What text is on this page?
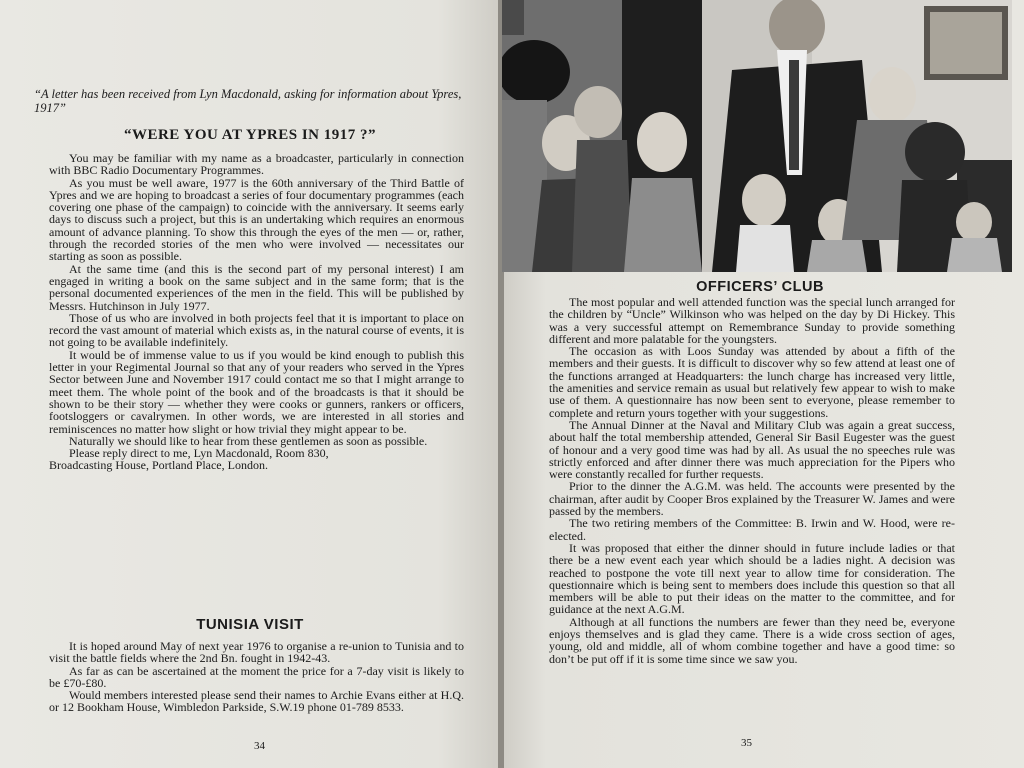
“A letter has been received from Lyn Macdonald, asking for information about Ypres, 1917”

“WERE YOU AT YPRES IN 1917 ?”

You may be familiar with my name as a broadcaster, particularly in connection with BBC Radio Documentary Programmes.

As you must be well aware, 1977 is the 60th anniversary of the Third Battle of Ypres and we are hoping to broadcast a series of four documentary programmes (each covering one phase of the campaign) to coincide with the anniversary. It seems early days to discuss such a project, but this is an undertaking which requires an enormous amount of advance planning. To show this through the eyes of the men — or, rather, through the recorded stories of the men who were involved — necessitates our starting as soon as possible.

At the same time (and this is the second part of my personal interest) I am engaged in writing a book on the same subject and in the same form; that is the personal documented experiences of the men in the field. This will be published by Messrs. Hutchinson in July 1977.

Those of us who are involved in both projects feel that it is important to place on record the vast amount of material which exists as, in the natural course of events, it is not going to be available indefinitely.

It would be of immense value to us if you would be kind enough to publish this letter in your Regimental Journal so that any of your readers who served in the Ypres Sector between June and November 1917 could contact me so that I might arrange to meet them. The whole point of the book and of the broadcasts is that it should be shown to be their story — whether they were cooks or gunners, rankers or officers, footsloggers or cavalrymen. In other words, we are interested in all stories and reminiscences no matter how slight or how trivial they might appear to be.

Naturally we should like to hear from these gentlemen as soon as possible.

Please reply direct to me, Lyn Macdonald, Room 830,

Broadcasting House, Portland Place, London.

TUNISIA VISIT

It is hoped around May of next year 1976 to organise a re-union to Tunisia and to visit the battle fields where the 2nd Bn. fought in 1942-43.

As far as can be ascertained at the moment the price for a 7-day visit is likely to be £70-£80.

Would members interested please send their names to Archie Evans either at H.Q. or 12 Bookham House, Wimbledon Parkside, S.W.19 phone 01-789 8533.

34

OFFICERS’ CLUB

The most popular and well attended function was the special lunch arranged for the children by “Uncle” Wilkinson who was helped on the day by Di Hickey. This was a very successful attempt on Remembrance Sunday to provide something different and more palatable for the youngsters.

The occasion as with Loos Sunday was attended by about a fifth of the members and their guests. It is difficult to discover why so few attend at least one of the functions arranged at Headquarters: the lunch charge has increased very little, the amenities and service remain as usual but relatively few appear to wish to make use of them. A questionnaire has now been sent to everyone, please remember to complete and return yours together with your suggestions.

The Annual Dinner at the Naval and Military Club was again a great success, about half the total membership attended, General Sir Basil Eugester was the guest of honour and a very good time was had by all. As usual the no speeches rule was strictly enforced and after dinner there was much appreciation for the Pipers who were constantly recalled for further requests.

Prior to the dinner the A.G.M. was held. The accounts were presented by the chairman, after audit by Cooper Bros explained by the Treasurer W. James and were passed by the members.

The two retiring members of the Committee: B. Irwin and W. Hood, were re-elected.

It was proposed that either the dinner should in future include ladies or that there be a new event each year which should be a ladies night. A decision was reached to postpone the vote till next year to allow time for consideration. The questionnaire which is being sent to members does include this question so that all members will be able to put their ideas on the matter to the committee, and for guidance at the next A.G.M.

Although at all functions the numbers are fewer than they need be, everyone enjoys themselves and is glad they came. There is a wide cross section of ages, young, old and middle, all of whom combine together and have a good time: so don’t be put off if it is some time since we saw you.

35
